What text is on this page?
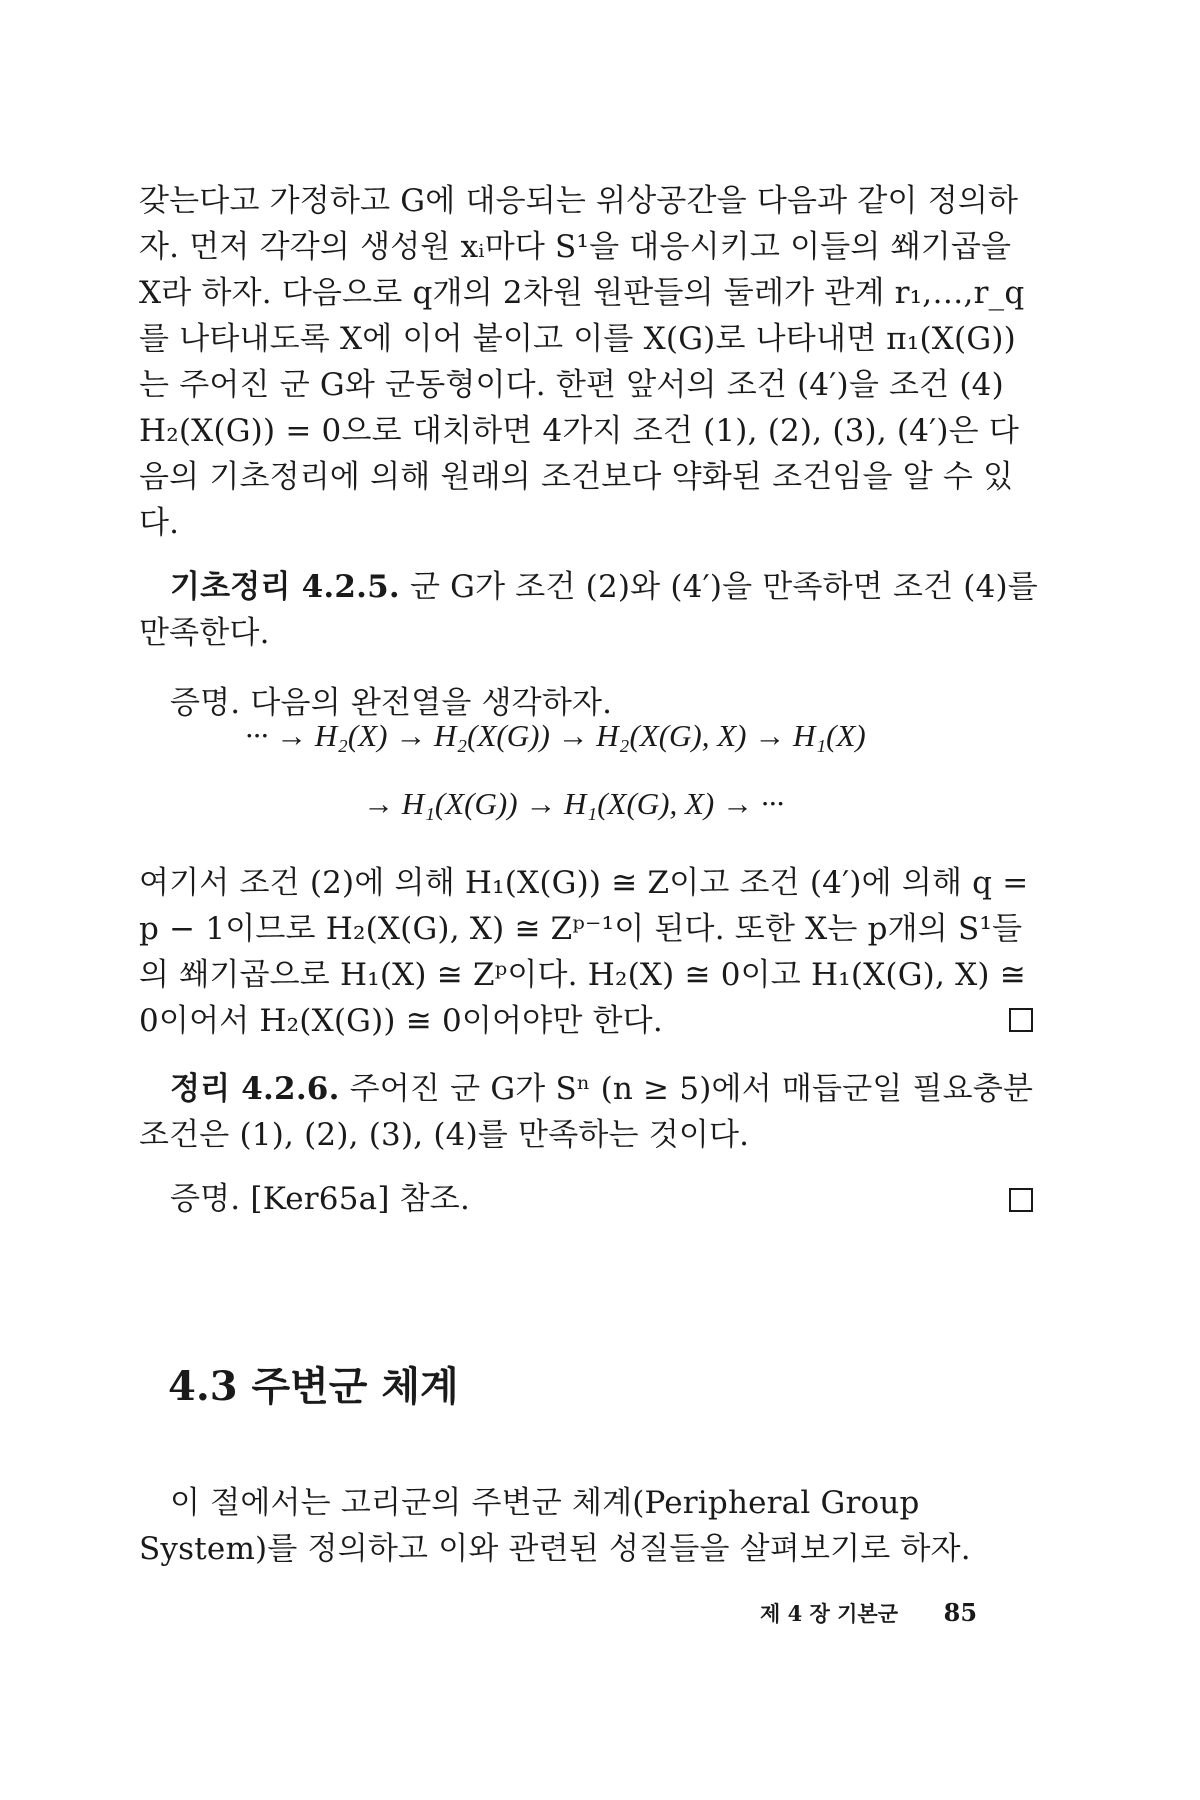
갖는다고 가정하고 G에 대응되는 위상공간을 다음과 같이 정의하자. 먼저 각각의 생성원 xᵢ마다 S¹을 대응시키고 이들의 쐐기곱을 X라 하자. 다음으로 q개의 2차원 원판들의 둘레가 관계 r₁,…,r_q를 나타내도록 X에 이어 붙이고 이를 X(G)로 나타내면 π₁(X(G))는 주어진 군 G와 군동형이다. 한편 앞서의 조건 (4′)을 조건 (4) H₂(X(G)) = 0으로 대치하면 4가지 조건 (1), (2), (3), (4′)은 다음의 기초정리에 의해 원래의 조건보다 약화된 조건임을 알 수 있다.

기초정리 4.2.5. 군 G가 조건 (2)와 (4′)을 만족하면 조건 (4)를 만족한다.

증명. 다음의 완전열을 생각하자.

··· → H₂(X) → H₂(X(G)) → H₂(X(G), X) → H₁(X)
→ H₁(X(G)) → H₁(X(G), X) → ···

여기서 조건 (2)에 의해 H₁(X(G)) ≅ Z이고 조건 (4′)에 의해 q = p − 1이므로 H₂(X(G), X) ≅ Zᵖ⁻¹이 된다. 또한 X는 p개의 S¹들의 쐐기곱으로 H₁(X) ≅ Zᵖ이다. H₂(X) ≅ 0이고 H₁(X(G), X) ≅ 0이어서 H₂(X(G)) ≅ 0이어야만 한다.

정리 4.2.6. 주어진 군 G가 Sⁿ (n ≥ 5)에서 매듭군일 필요충분조건은 (1), (2), (3), (4)를 만족하는 것이다.

증명. [Ker65a] 참조.

4.3 주변군 체계

이 절에서는 고리군의 주변군 체계(Peripheral Group System)를 정의하고 이와 관련된 성질들을 살펴보기로 하자.

제 4 장 기본군 85
